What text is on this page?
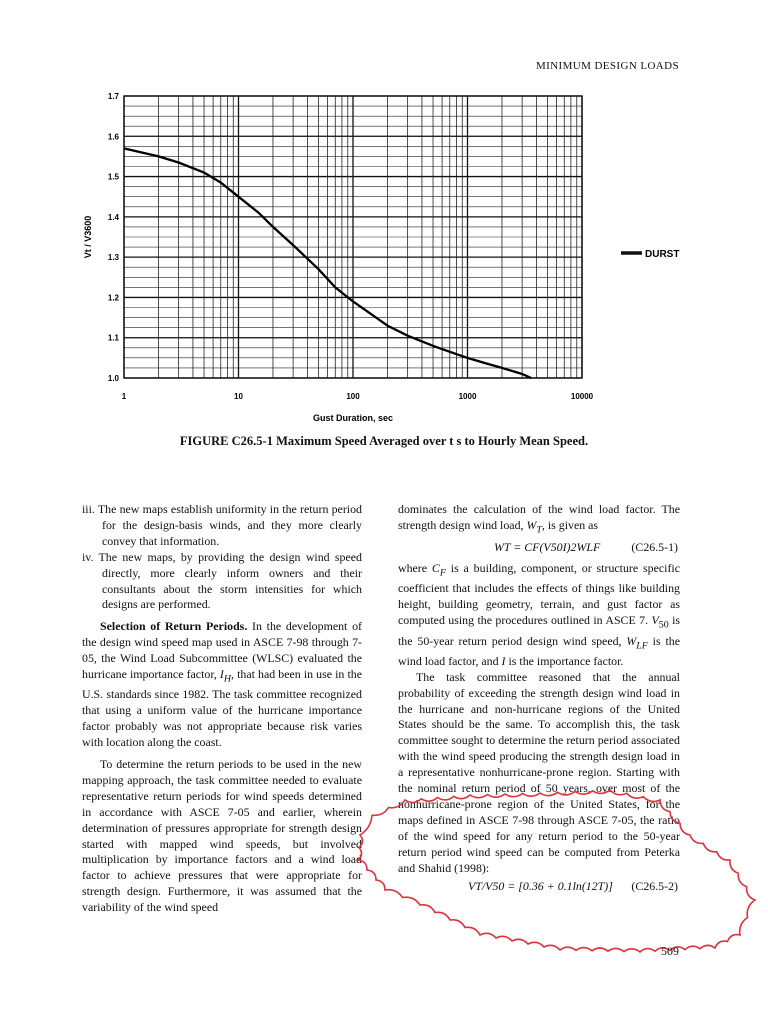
MINIMUM DESIGN LOADS
1.0
1.1
1.2
1.3
1.4
1.5
1.6
1.7
1	10	100	1000	10000
DURST
Gust Duration, sec
Vt / V3600
FIGURE C26.5-1 Maximum Speed Averaged over t s to Hourly Mean Speed.

iii. The new maps establish uniformity in the return period for the design-basis winds, and they more clearly convey that information.

iv. The new maps, by providing the design wind speed directly, more clearly inform owners and their consultants about the storm intensities for which designs are performed.

Selection of Return Periods. In the development of the design wind speed map used in ASCE 7-98 through 7-05, the Wind Load Subcommittee (WLSC) evaluated the hurricane importance factor, $I_H$, that had been in use in the U.S. standards since 1982. The task committee recognized that using a uniform value of the hurricane importance factor probably was not appropriate because risk varies with location along the coast.

To determine the return periods to be used in the new mapping approach, the task committee needed to evaluate representative return periods for wind speeds determined in accordance with ASCE 7-05 and earlier, wherein determination of pressures appropriate for strength design started with mapped wind speeds, but involved multiplication by importance factors and a wind load factor to achieve pressures that were appropriate for strength design. Furthermore, it was assumed that the variability of the wind speed

dominates the calculation of the wind load factor. The strength design wind load, $W_T$, is given as

WT = CF(V50I)2WLF	(C26.5-1)

where $C_F$ is a building, component, or structure specific coefficient that includes the effects of things like building height, building geometry, terrain, and gust factor as computed using the procedures outlined in ASCE 7. $V_{50}$ is the 50-year return period design wind speed, $W_{LF}$ is the wind load factor, and I is the importance factor.

The task committee reasoned that the annual probability of exceeding the strength design wind load in the hurricane and non-hurricane regions of the United States should be the same. To accomplish this, the task committee sought to determine the return period associated with the wind speed producing the strength design load in a representative nonhurricane-prone region. Starting with the nominal return period of 50 years, over most of the nonhurricane-prone region of the United States, for the maps defined in ASCE 7-98 through ASCE 7-05, the ratio of the wind speed for any return period to the 50-year return period wind speed can be computed from Peterka and Shahid (1998):

VT/V50 = [0.36 + 0.1ln(12T)] (C26.5-2)
509
